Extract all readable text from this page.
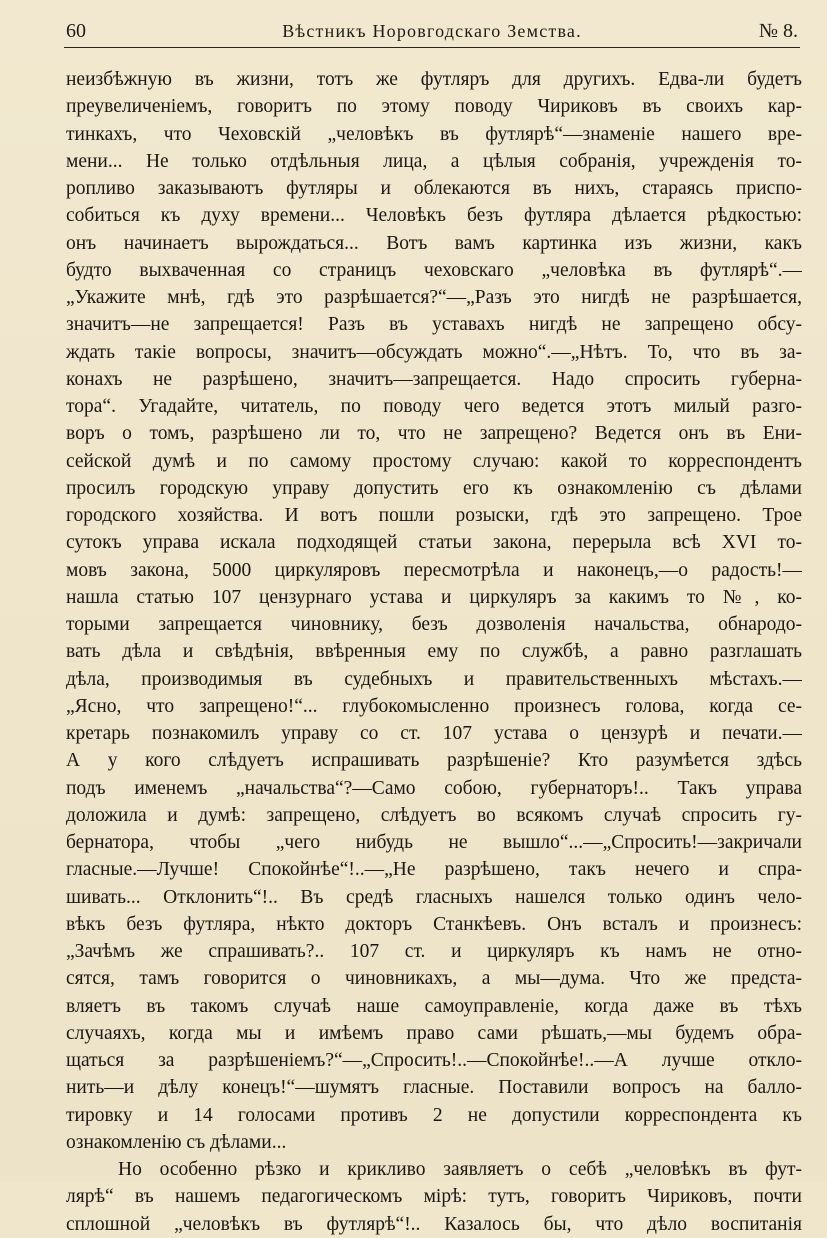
60	Вѣстникъ Норовгодскаго Земства.	№ 8.
неизбѣжную въ жизни, тотъ же футляръ для другихъ. Едва-ли будетъ
преувеличеніемъ, говоритъ по этому поводу Чириковъ въ своихъ кар-
тинкахъ, что Чеховскій „человѣкъ въ футлярѣ“—знаменіе нашего вре-
мени... Не только отдѣльныя лица, а цѣлыя собранія, учрежденія то-
ропливо заказываютъ футляры и облекаются въ нихъ, стараясь приспо-
собиться къ духу времени... Человѣкъ безъ футляра дѣлается рѣдкостью:
онъ начинаетъ вырождаться... Вотъ вамъ картинка изъ жизни, какъ
будто выхваченная со страницъ чеховскаго „человѣка въ футлярѣ“.—
„Укажите мнѣ, гдѣ это разрѣшается?“—„Разъ это нигдѣ не разрѣшается,
значитъ—не запрещается! Разъ въ уставахъ нигдѣ не запрещено обсу-
ждать такіе вопросы, значитъ—обсуждать можно“.—„Нѣтъ. То, что въ за-
конахъ не разрѣшено, значитъ—запрещается. Надо спросить губерна-
тора“. Угадайте, читатель, по поводу чего ведется этотъ милый разго-
воръ о томъ, разрѣшено ли то, что не запрещено? Ведется онъ въ Ени-
сейской думѣ и по самому простому случаю: какой то корреспондентъ
просилъ городскую управу допустить его къ ознакомленію съ дѣлами
городского хозяйства. И вотъ пошли розыски, гдѣ это запрещено. Трое
сутокъ управа искала подходящей статьи закона, перерыла всѣ XVI то-
мовъ закона, 5000 циркуляровъ пересмотрѣла и наконецъ,—о радость!—
нашла статью 107 цензурнаго устава и циркуляръ за какимъ то №, ко-
торыми запрещается чиновнику, безъ дозволенія начальства, обнародо-
вать дѣла и свѣдѣнія, ввѣренныя ему по службѣ, а равно разглашать
дѣла, производимыя въ судебныхъ и правительственныхъ мѣстахъ.—
„Ясно, что запрещено!“... глубокомысленно произнесъ голова, когда се-
кретарь познакомилъ управу со ст. 107 устава о цензурѣ и печати.—
А у кого слѣдуетъ испрашивать разрѣшеніе? Кто разумѣется здѣсь
подъ именемъ „начальства“?—Само собою, губернаторъ!.. Такъ управа
доложила и думѣ: запрещено, слѣдуетъ во всякомъ случаѣ спросить гу-
бернатора, чтобы „чего нибудь не вышло“...—„Спросить!—закричали
гласные.—Лучше! Спокойнѣе“!..—„Не разрѣшено, такъ нечего и спра-
шивать... Отклонить“!.. Въ средѣ гласныхъ нашелся только одинъ чело-
вѣкъ безъ футляра, нѣкто докторъ Станкѣевъ. Онъ всталъ и произнесъ:
„Зачѣмъ же спрашивать?.. 107 ст. и циркуляръ къ намъ не отно-
сятся, тамъ говорится о чиновникахъ, а мы—дума. Что же предста-
вляетъ въ такомъ случаѣ наше самоуправленіе, когда даже въ тѣхъ
случаяхъ, когда мы и имѣемъ право сами рѣшать,—мы будемъ обра-
щаться за разрѣшеніемъ?“—„Спросить!..—Спокойнѣе!..—А лучше откло-
нить—и дѣлу конецъ!“—шумятъ гласные. Поставили вопросъ на балло-
тировку и 14 голосами противъ 2 не допустили корреспондента къ
ознакомленію съ дѣлами...
Но особенно рѣзко и крикливо заявляетъ о себѣ „человѣкъ въ фут-
лярѣ“ въ нашемъ педагогическомъ мірѣ: тутъ, говоритъ Чириковъ, почти
сплошной „человѣкъ въ футлярѣ“!.. Казалось бы, что дѣло воспитанія
